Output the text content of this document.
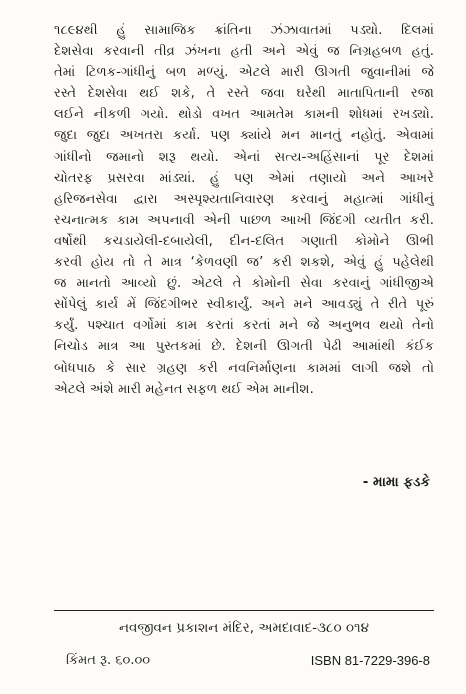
૧૮૯૪થી હું સામાજિક ક્રાંતિના ઝંઝાવાતમાં પડ્યો. દિલમાં
દેશસેવા કરવાની તીવ્ર ઝંખના હતી અને એવું જ નિગ્રહબળ હતું.
તેમાં ટિળક-ગાંધીનું બળ મળ્યું. એટલે મારી ઊગતી જુવાનીમાં જે
રસ્તે દેશસેવા થઈ શકે, તે રસ્તે જવા ઘરેથી માતાપિતાની રજા
લઈને નીકળી ગયો. થોડો વખત આમતેમ કામની શોધમાં રખડ્યો.
જુદા જુદા અખતરા કર્યા. પણ ક્યાંયે મન માનતું નહોતું. એવામાં
ગાંધીનો જમાનો શરૂ થયો. એનાં સત્ય-અહિંસાનાં પૂર દેશમાં
ચોતરફ પ્રસરવા માંડ્યાં. હું પણ એમાં તણાયો અને આખરે
હરિજનસેવા દ્વારા અસ્પૃશ્યતાનિવારણ કરવાનું મહાત્માં ગાંધીનું
રચનાત્મક કામ અપનાવી એની પાછળ આખી જિંદગી વ્યતીત કરી.
વર્ષોથી કચડાયેલી-દબાયેલી, દીન-દલિત ગણાતી કોમોને ઊભી
કરવી હોય તો તે માત્ર ‘કેળવણી જ’ કરી શકશે, એવું હું પહેલેથી
જ માનતો આવ્યો છું. એટલે તે કોમોની સેવા કરવાનું ગાંધીજીએ
સોંપેલું કાર્ય મેં જિંદગીભર સ્વીકાર્યું. અને મને આવડ્યું તે રીતે પૂરું
કર્યું. પશ્ચાત વર્ગોમાં કામ કરતાં કરતાં મને જે અનુભવ થયો તેનો
નિચોડ માત્ર આ પુસ્તકમાં છે. દેશની ઊગતી પેઢી આમાંથી કંઈક
બોધપાઠ કે સાર ગ્રહણ કરી નવનિર્માણના કામમાં લાગી જશે તો
એટલે અંશે મારી મહેનત સફળ થઈ એમ માનીશ.
- મામા ફડકે
નવજીવન પ્રકાશન મંદિર, અમદાવાદ-૩૮૦ ૦૧૪
કિંમત રૂ. ૬૦.૦૦	ISBN 81-7229-396-8
